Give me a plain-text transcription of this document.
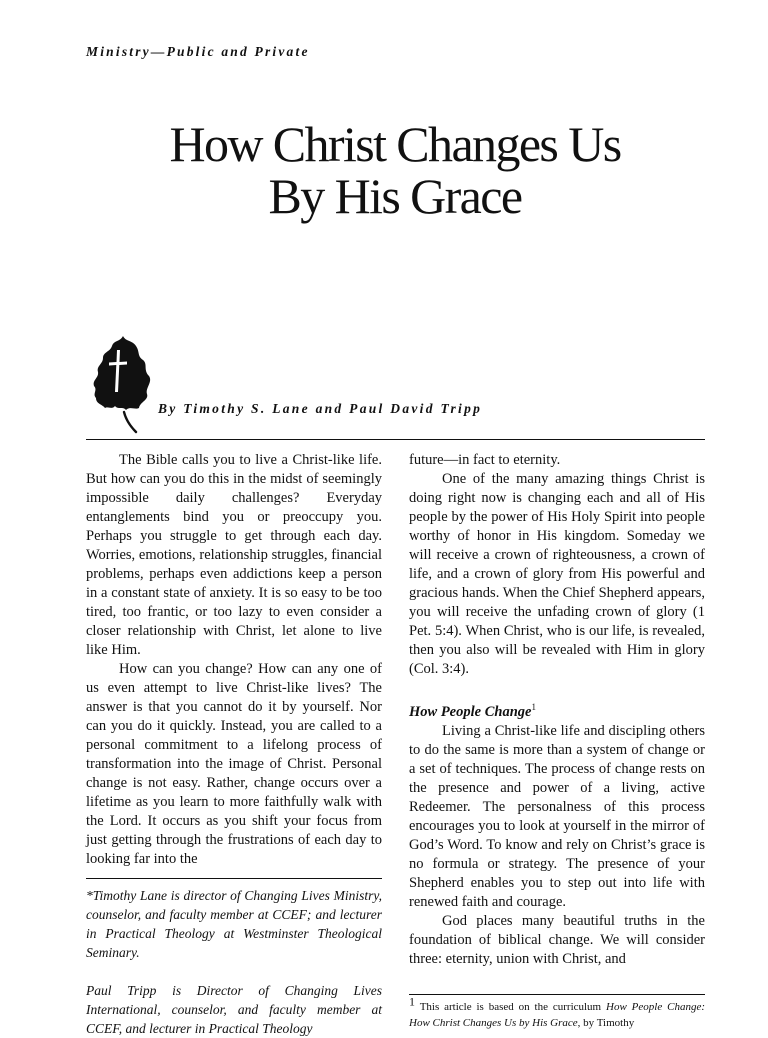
Ministry—Public and Private
How Christ Changes Us
By His Grace
By Timothy S. Lane and Paul David Tripp

The Bible calls you to live a Christ-like life. But how can you do this in the midst of seemingly impossible daily challenges? Everyday entanglements bind you or preoccupy you. Perhaps you struggle to get through each day. Worries, emotions, relationship struggles, financial problems, perhaps even addictions keep a person in a constant state of anxiety. It is so easy to be too tired, too frantic, or too lazy to even consider a closer relationship with Christ, let alone to live like Him.

How can you change? How can any one of us even attempt to live Christ-like lives? The answer is that you cannot do it by yourself. Nor can you do it quickly. Instead, you are called to a personal commitment to a lifelong process of transformation into the image of Christ. Personal change is not easy. Rather, change occurs over a lifetime as you learn to more faithfully walk with the Lord. It occurs as you shift your focus from just getting through the frustrations of each day to looking far into the

future—in fact to eternity.

One of the many amazing things Christ is doing right now is changing each and all of His people by the power of His Holy Spirit into people worthy of honor in His kingdom. Someday we will receive a crown of righteousness, a crown of life, and a crown of glory from His powerful and gracious hands. When the Chief Shepherd appears, you will receive the unfading crown of glory (1 Pet. 5:4). When Christ, who is our life, is revealed, then you also will be revealed with Him in glory (Col. 3:4).

How People Change$^1$

Living a Christ-like life and discipling others to do the same is more than a system of change or a set of techniques. The process of change rests on the presence and power of a living, active Redeemer. The personalness of this process encourages you to look at yourself in the mirror of God’s Word. To know and rely on Christ’s grace is no formula or strategy. The presence of your Shepherd enables you to step out into life with renewed faith and courage.

God places many beautiful truths in the foundation of biblical change. We will consider three: eternity, union with Christ, and

*Timothy Lane is director of Changing Lives Ministry, counselor, and faculty member at CCEF; and lecturer in Practical Theology at Westminster Theological Seminary.
Paul Tripp is Director of Changing Lives International, counselor, and faculty member at CCEF, and lecturer in Practical Theology
1 This article is based on the curriculum How People Change: How Christ Changes Us by His Grace, by Timothy
